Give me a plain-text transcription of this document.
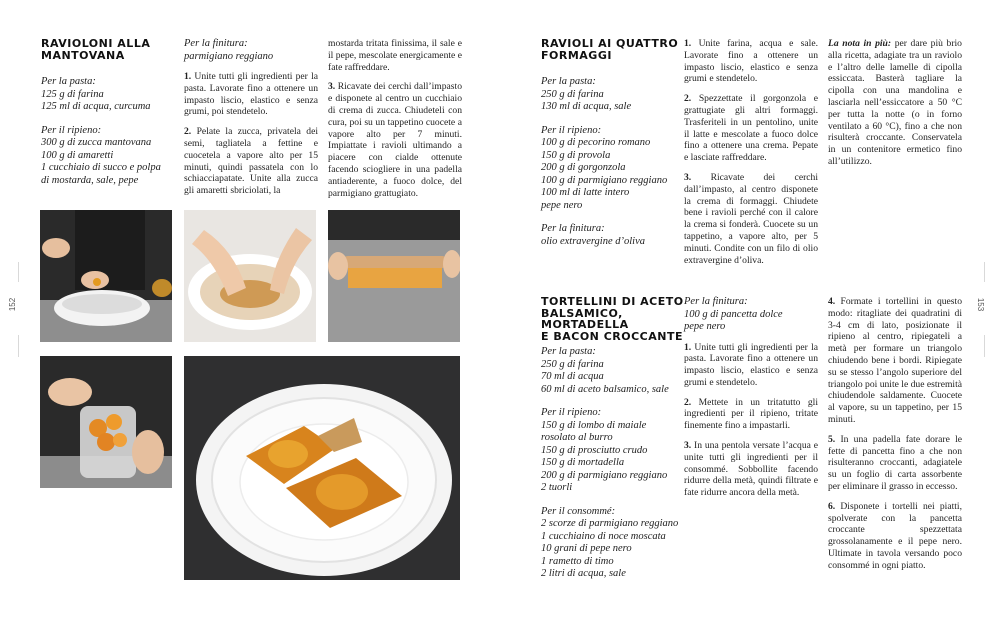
152	153
RAVIOLONI ALLA
MANTOVANA
Per la pasta:
125 g di farina
125 ml di acqua, curcuma
Per il ripieno:
300 g di zucca mantovana
100 g di amaretti
1 cucchiaio di succo e polpa
di mostarda, sale, pepe
Per la finitura:
parmigiano reggiano

1. Unite tutti gli ingredienti per la pasta. Lavorate fino a ottenere un impasto liscio, elastico e senza grumi, poi stendetelo.

2. Pelate la zucca, privatela dei semi, tagliatela a fettine e cuocetela a vapore alto per 15 minuti, quindi passatela con lo schiacciapatate. Unite alla zucca gli amaretti sbriciolati, la

mostarda tritata finissima, il sale e il pepe, mescolate energicamente e fate raffreddare.

3. Ricavate dei cerchi dall’impasto e disponete al centro un cucchiaio di crema di zucca. Chiudeteli con cura, poi su un tappetino cuocete a vapore alto per 7 minuti. Impiattate i ravioli ultimando a piacere con cialde ottenute facendo sciogliere in una padella antiaderente, a fuoco dolce, del parmigiano grattugiato.

RAVIOLI AI QUATTRO
FORMAGGI
Per la pasta:
250 g di farina
130 ml di acqua, sale
Per il ripieno:
100 g di pecorino romano
150 g di provola
200 g di gorgonzola
100 g di parmigiano reggiano
100 ml di latte intero
pepe nero
Per la finitura:
olio extravergine d’oliva

1. Unite farina, acqua e sale. Lavorate fino a ottenere un impasto liscio, elastico e senza grumi e stendetelo.

2. Spezzettate il gorgonzola e grattugiate gli altri formaggi. Trasferiteli in un pentolino, unite il latte e mescolate a fuoco dolce fino a ottenere una crema. Pepate e lasciate raffreddare.

3. Ricavate dei cerchi dall’impasto, al centro disponete la crema di formaggi. Chiudete bene i ravioli perché con il calore la crema si fonderà. Cuocete su un tappetino, a vapore alto, per 5 minuti. Condite con un filo di olio extravergine d’oliva.

La nota in più: per dare più brio alla ricetta, adagiate tra un raviolo e l’altro delle lamelle di cipolla essiccata. Basterà tagliare la cipolla con una mandolina e lasciarla nell’essiccatore a 50 °C per tutta la notte (o in forno ventilato a 60 °C), fino a che non risulterà croccante. Conservatela in un contenitore ermetico fino all’utilizzo.

TORTELLINI DI ACETO
BALSAMICO, MORTADELLA
E BACON CROCCANTE
Per la pasta:
250 g di farina
70 ml di acqua
60 ml di aceto balsamico, sale
Per il ripieno:
150 g di lombo di maiale
rosolato al burro
150 g di prosciutto crudo
150 g di mortadella
200 g di parmigiano reggiano
2 tuorli
Per il consommé:
2 scorze di parmigiano reggiano
1 cucchiaino di noce moscata
10 grani di pepe nero
1 rametto di timo
2 litri di acqua, sale
Per la finitura:
100 g di pancetta dolce
pepe nero

1. Unite tutti gli ingredienti per la pasta. Lavorate fino a ottenere un impasto liscio, elastico e senza grumi e stendetelo.

2. Mettete in un tritatutto gli ingredienti per il ripieno, tritate finemente fino a impastarli.

3. In una pentola versate l’acqua e unite tutti gli ingredienti per il consommé. Sobbollite facendo ridurre della metà, quindi filtrate e fate ridurre ancora della metà.

4. Formate i tortellini in questo modo: ritagliate dei quadratini di 3-4 cm di lato, posizionate il ripieno al centro, ripiegateli a metà per formare un triangolo chiudendo bene i bordi. Ripiegate su se stesso l’angolo superiore del triangolo poi unite le due estremità chiudendole saldamente. Cuocete al vapore, su un tappetino, per 15 minuti.

5. In una padella fate dorare le fette di pancetta fino a che non risulteranno croccanti, adagiatele su un foglio di carta assorbente per eliminare il grasso in eccesso.

6. Disponete i tortelli nei piatti, spolverate con la pancetta croccante spezzettata grossolanamente e il pepe nero. Ultimate in tavola versando poco consommé in ogni piatto.
